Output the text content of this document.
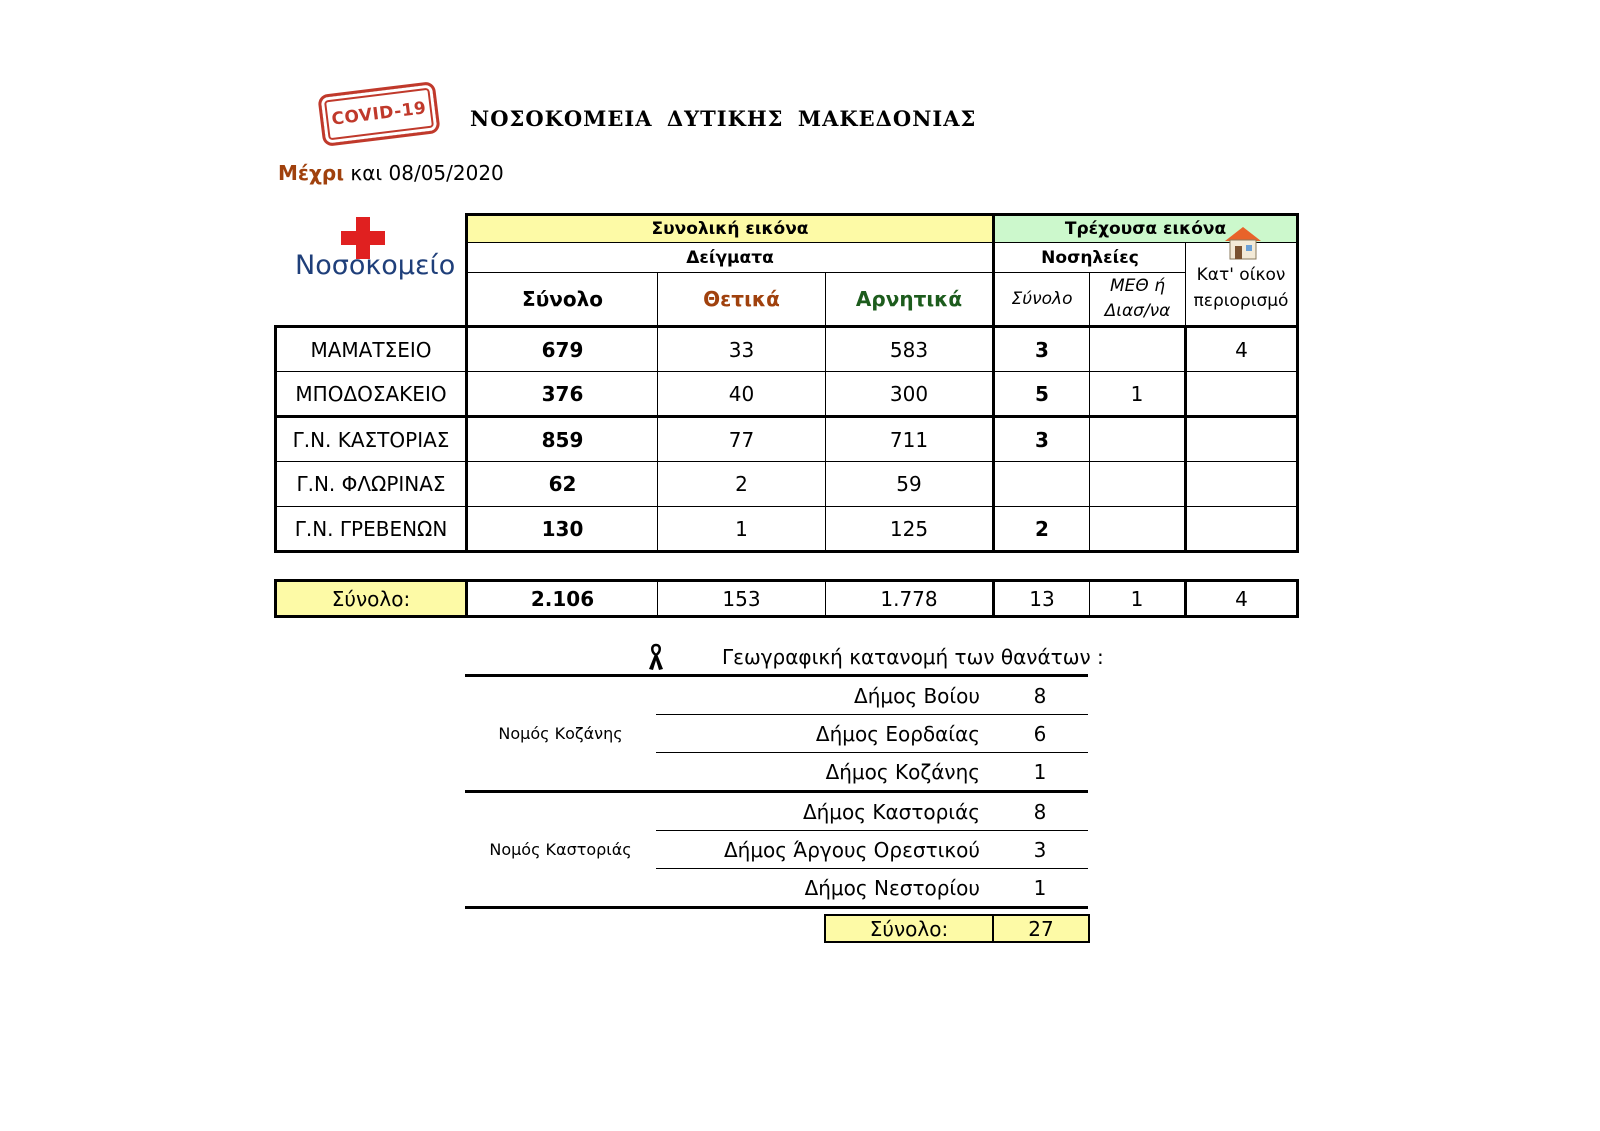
COVID-19 ΝΟΣΟΚΟΜΕΙΑ ΔΥΤΙΚΗΣ ΜΑΚΕΔΟΝΙΑΣ
Μέχρι και 08/05/2020
Νοσοκομείο
	Συνολική εικόνα			Τρέχουσα εικόνα		
	Δείγματα			Νοσηλείες		Κατ' οίκον
περιορισμό

	Σύνολο	Θετικά	Αρνητικά	Σύνολο	ΜΕΘ ή
Διασ/να	

ΜΑΜΑΤΣΕΙΟ	679	33	583	3		4
ΜΠΟΔΟΣΑΚΕΙΟ	376	40	300	5	1	
Γ.Ν. ΚΑΣΤΟΡΙΑΣ	859	77	711	3		
Γ.Ν. ΦΛΩΡΙΝΑΣ	62	2	59			
Γ.Ν. ΓΡΕΒΕΝΩΝ	130	1	125	2		
Σύνολο:	2.106	153	1.778	13	1	4
Γεωγραφική κατανομή των θανάτων :
Νομός Κοζάνης	Δήμος Βοίου	8
	Δήμος Εορδαίας	6
	Δήμος Κοζάνης	1
Νομός Καστοριάς	Δήμος Καστοριάς	8
	Δήμος Άργους Ορεστικού	3
	Δήμος Νεστορίου	1
Σύνολο:	27
